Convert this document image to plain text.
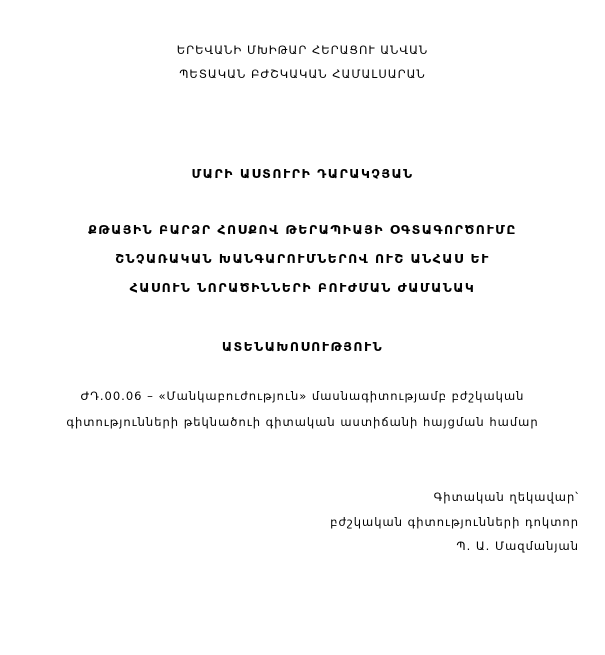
ԵՐԵՎԱՆԻ ՄԽԻԹԱՐ ՀԵՐԱՑՈՒ ԱՆՎԱՆ
ՊԵՏԱԿԱՆ ԲԺՇԿԱԿԱՆ ՀԱՄԱԼՍԱՐԱՆ
ՄԱՐԻ ԱՍՏՈՒՐԻ ԴԱՐԱԿՉՅԱՆ
ՔԹԱՅԻՆ ԲԱՐՁՐ ՀՈՍՔՈՎ ԹԵՐԱՊԻԱՅԻ ՕԳՏԱԳՈՐԾՈՒՄԸ
ՇՆՉԱՌԱԿԱՆ ԽԱՆԳԱՐՈՒՄՆԵՐՈՎ ՈՒՇ ԱՆՀԱՍ ԵՒ
ՀԱՍՈՒՆ ՆՈՐԱԾԻՆՆԵՐԻ ԲՈՒԺՄԱՆ ԺԱՄԱՆԱԿ
ԱՏԵՆԱԽՈՍՈՒԹՅՈՒՆ
ԺԴ.00.06 – «Մանկաբուժություն» մասնագիտությամբ բժշկական
գիտությունների թեկնածուի գիտական աստիճանի հայցման համար
Գիտական ղեկավար՝
բժշկական գիտությունների դոկտոր
Պ. Ա. Մազմանյան
